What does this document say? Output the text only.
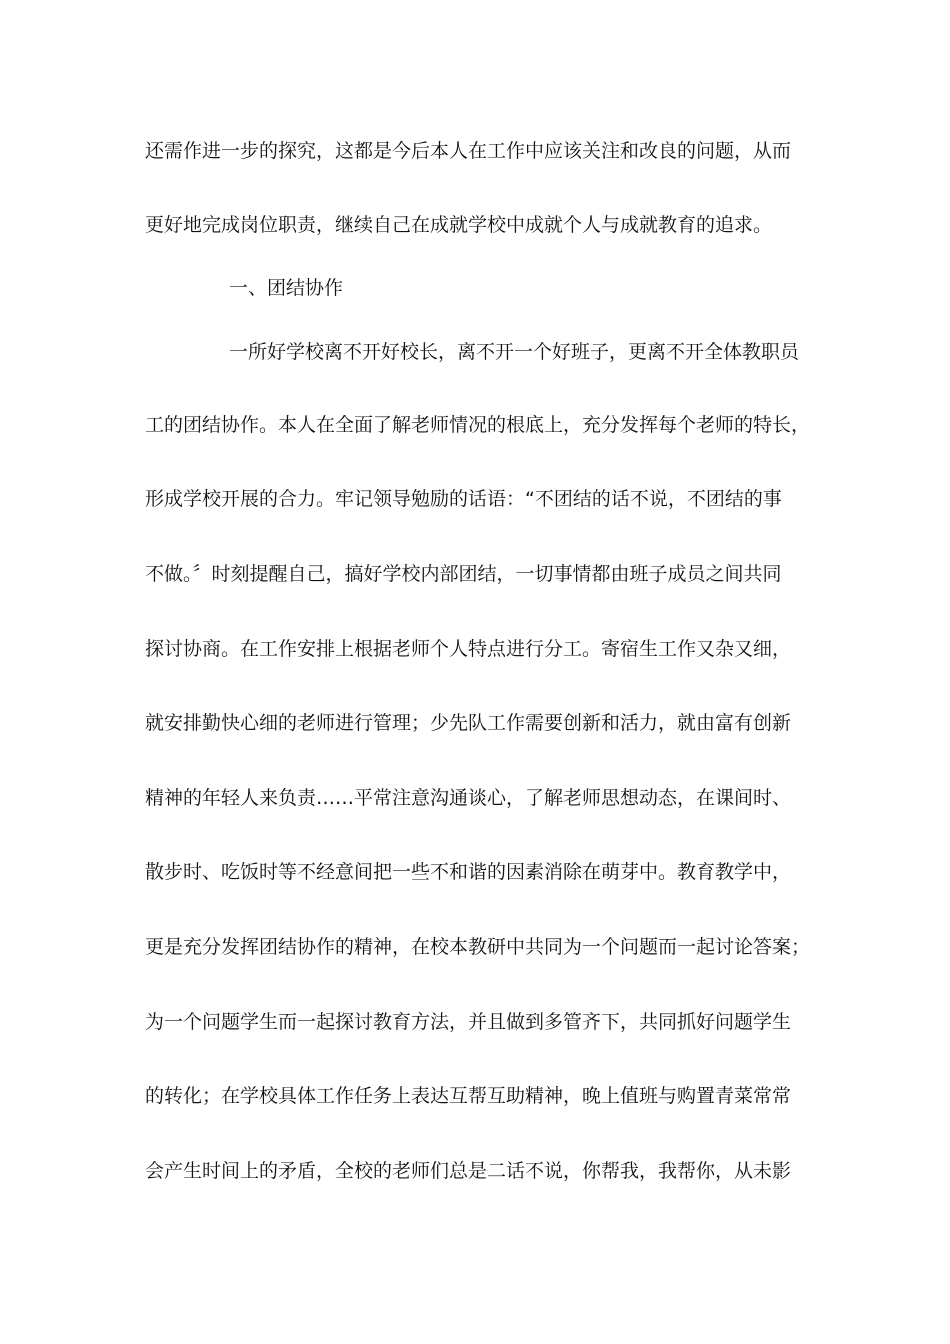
还需作进一步的探究，这都是今后本人在工作中应该关注和改良的问题，从而
更好地完成岗位职责，继续自己在成就学校中成就个人与成就教育的追求。
一、团结协作
一所好学校离不开好校长，离不开一个好班子，更离不开全体教职员
工的团结协作。本人在全面了解老师情况的根底上，充分发挥每个老师的特长，
形成学校开展的合力。牢记领导勉励的话语：“不团结的话不说，不团结的事
不做。〞时刻提醒自己，搞好学校内部团结，一切事情都由班子成员之间共同
探讨协商。在工作安排上根据老师个人特点进行分工。寄宿生工作又杂又细，
就安排勤快心细的老师进行管理；少先队工作需要创新和活力，就由富有创新
精神的年轻人来负责……平常注意沟通谈心，了解老师思想动态，在课间时、
散步时、吃饭时等不经意间把一些不和谐的因素消除在萌芽中。教育教学中，
更是充分发挥团结协作的精神，在校本教研中共同为一个问题而一起讨论答案；
为一个问题学生而一起探讨教育方法，并且做到多管齐下，共同抓好问题学生
的转化；在学校具体工作任务上表达互帮互助精神，晚上值班与购置青菜常常
会产生时间上的矛盾，全校的老师们总是二话不说，你帮我，我帮你，从未影
